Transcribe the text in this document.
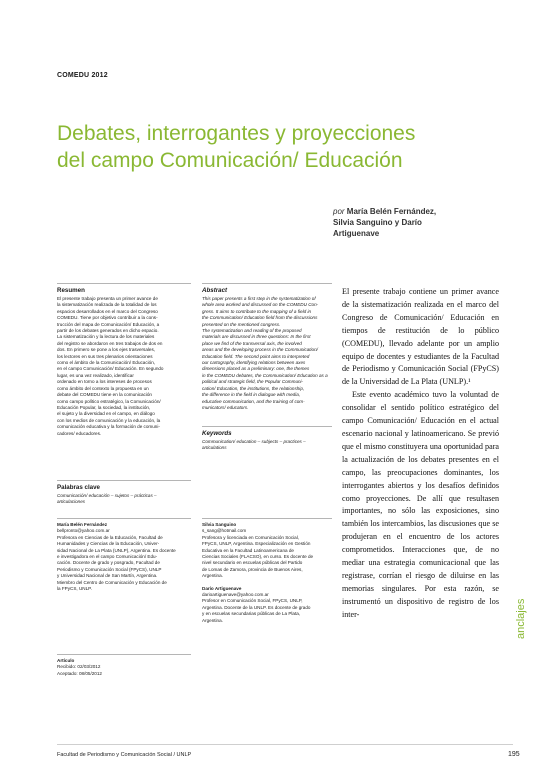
COMEDU 2012
Debates, interrogantes y proyecciones
del campo Comunicación/ Educación
por María Belén Fernández,
Silvia Sanguino y Darío
Artiguenave
Resumen
El presente trabajo presenta un primer avance de
la sistematización realizada de la totalidad de los
espacios desarrollados en el marco del Congreso
COMEDU. Tiene por objetivo contribuir a la cons-
trucción del mapa de Comunicación/ Educación, a
partir de los debates generados en dicho espacio.
La sistematización y la lectura de los materiales
del registro se abordaron en tres trabajos de dos en
dos. En primero se pone a los ejes trasversales,
los lectores en sus tres plenarios orientaciones
como el ámbito de la Comunicación/ Educación,
en el campo Comunicación/ Educación. En segundo
lugar, es una vez realizado, identificar
ordenado en torno a los intereses de procesos
como ámbito del contexto la propuesta en un
debate del COMEDU tiene en la comunicación
como campo político estratégico, la Comunicación/
Educación Popular, la sociedad, la institución,
el sujeto y la diversidad en el campo, en diálogo
con los medios de comunicación y la educación, la
comunicación educativa y la formación de comuni-
cadores/ educadores.
Palabras clave
Comunicación/ educación – sujetos – prácticas –
articulaciones
María Belén Fernández
bellpronto@yahoo.com.ar
Profesora en Ciencias de la Educación, Facultad de
Humanidades y Ciencias de la Educación, Univer-
sidad Nacional de La Plata (UNLP), Argentina. Es docente
e investigadora en el campo Comunicación/ Edu-
cación. Docente de grado y posgrado, Facultad de
Periodismo y Comunicación Social (FPyCS), UNLP
y Universidad Nacional de San Martín, Argentina.
Miembro del Centro de Comunicación y Educación de
la FPyCS, UNLP.
Artículo
Recibido: 02/03/2012
Aceptado: 08/05/2012
Abstract
This paper presents a first step in the systematization of
whole area worked and discussed on the COMEDU Con-
gress. It aims to contribute to the mapping of a field in
the Communication/ Education field from the discussions
presented on the mentioned congress.
The systematization and reading of the proposed
materials are discussed in three questions: In the first
place we find of the transversal axis, the involved
areas and the developing process in the Communication/
Education field. The second point aims to interpreted
our cartography, identifying relations between axes
dimensions placed as a preliminary: one, the themes
in the COMEDU debates, the Communication/ Education as a
political and strategic field, the Popular Communi-
cation/ Education, the institutions, the relationship,
the difference in the field in dialogue with media,
educative communication, and the training of com-
municators/ educators.
Keywords
Communication/ education – subjects – practices –
articulations
Silvia Sanguino
s_sang@hotmail.com
Profesora y licenciada en Comunicación Social,
FPyCS, UNLP, Argentina. Especialización en Gestión
Educativa en la Facultad Latinoamericana de
Ciencias Sociales (FLACSO), en curso. Es docente de
nivel secundario en escuelas públicas del Partido
de Lomas de Zamora, provincia de Buenos Aires,
Argentina.
Darío Artiguenave
darioartiguenave@yahoo.com.ar
Profesor en Comunicación Social, FPyCS, UNLP,
Argentina. Docente de la UNLP. Es docente de grado
y en escuelas secundarias públicas de La Plata,
Argentina.

El presente trabajo contiene un primer avance de la sistematización realizada en el marco del Congreso de Comunicación/ Educación en tiempos de restitución de lo público (COMEDU), llevado adelante por un amplio equipo de docentes y estudiantes de la Facultad de Periodismo y Comunicación Social (FPyCS) de la Universidad de La Plata (UNLP).¹

Este evento académico tuvo la voluntad de consolidar el sentido político estratégico del campo Comunicación/ Educación en el actual escenario nacional y latinoamericano. Se previó que el mismo constituyera una oportunidad para la actualización de los debates presentes en el campo, las preocupaciones dominantes, los interrogantes abiertos y los desafíos definidos como proyecciones. De allí que resultasen importantes, no sólo las exposiciones, sino también los intercambios, las discusiones que se produjeran en el encuentro de los actores comprometidos. Interacciones que, de no mediar una estrategia comunicacional que las registrase, corrían el riesgo de diluirse en las memorias singulares. Por esta razón, se instrumentó un dispositivo de registro de los inter-	anclajes
Facultad de Periodismo y Comunicación Social / UNLP	195
